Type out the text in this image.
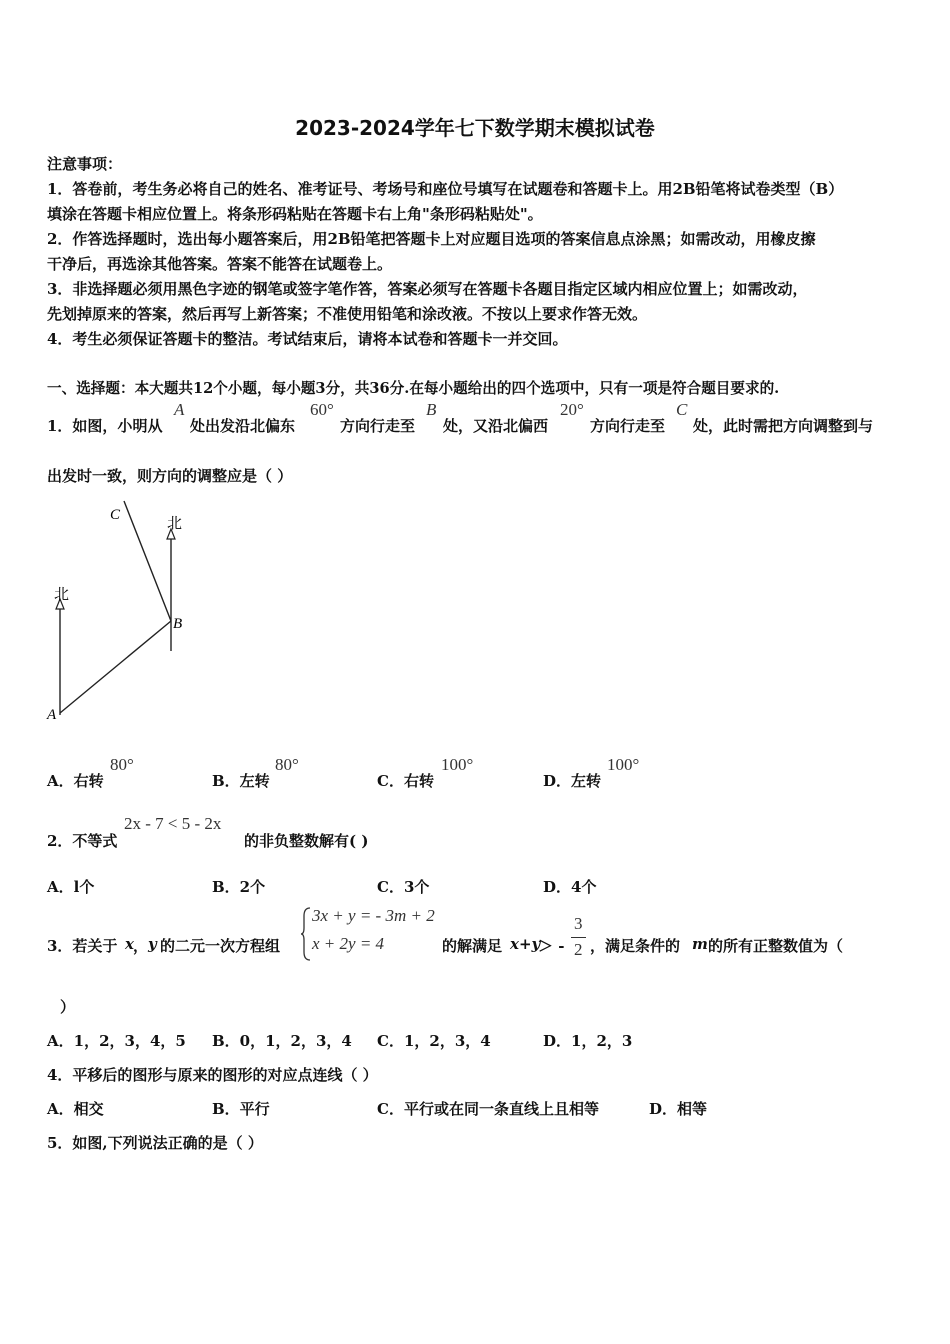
2023-2024学年七下数学期末模拟试卷
注意事项：
1．答卷前，考生务必将自己的姓名、准考证号、考场号和座位号填写在试题卷和答题卡上。用2B铅笔将试卷类型（B）
填涂在答题卡相应位置上。将条形码粘贴在答题卡右上角"条形码粘贴处"。
2．作答选择题时，选出每小题答案后，用2B铅笔把答题卡上对应题目选项的答案信息点涂黑；如需改动，用橡皮擦
干净后，再选涂其他答案。答案不能答在试题卷上。
3．非选择题必须用黑色字迹的钢笔或签字笔作答，答案必须写在答题卡各题目指定区域内相应位置上；如需改动，
先划掉原来的答案，然后再写上新答案；不准使用铅笔和涂改液。不按以上要求作答无效。
4．考生必须保证答题卡的整洁。考试结束后，请将本试卷和答题卡一并交回。
一、选择题：本大题共12个小题，每小题3分，共36分.在每小题给出的四个选项中，只有一项是符合题目要求的.
1．如图，小明从
A
处出发沿北偏东
60°
方向行走至
B
处，又沿北偏西
20°
方向行走至
C
处，此时需把方向调整到与
出发时一致，则方向的调整应是（ ）
北
北
A
B
C
A．右转
80°
B．左转
80°
C．右转
100°
D．左转
100°
2．不等式
2x - 7 < 5 - 2x
的非负整数解有( )
A．l个	B．2个	C．3个	D．4个
3．若关于 x ， y 的二元一次方程组
3x + y = - 3m + 2
x + 2y = 4	的解满足 x+y
＞ -
3
2 ，满足条件的 m 的所有正整数值为（
）
A．1，2，3，4，5 B．0，1，2，3，4 C．1，2，3，4	D．1，2，3
4．平移后的图形与原来的图形的对应点连线（ ）
A．相交	B．平行	C．平行或在同一条直线上且相等	D．相等
5．如图,下列说法正确的是（ ）
